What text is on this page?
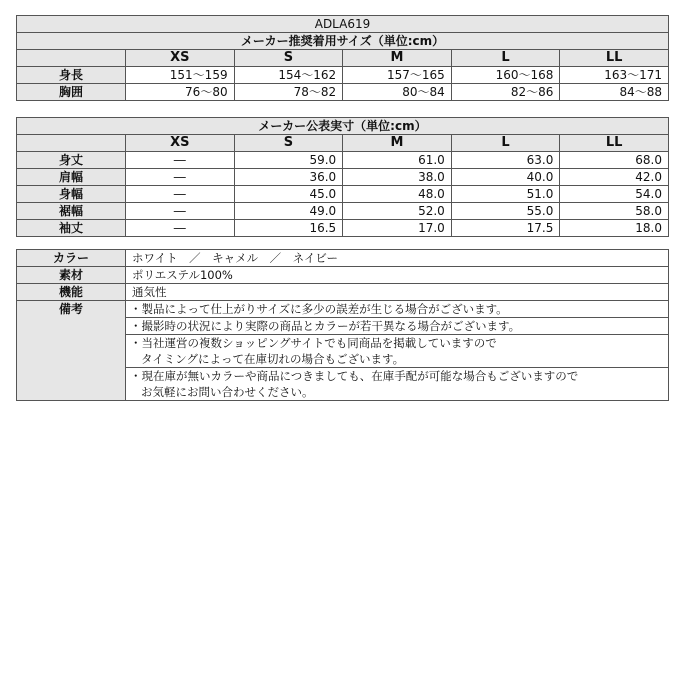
ADLA619					
メーカー推奨着用サイズ（単位:cm）					
	XS	S	M	L	LL
身長	151〜159	154〜162	157〜165	160〜168	163〜171
胸囲	76〜80	78〜82	80〜84	82〜86	84〜88
メーカー公表実寸（単位:cm）					
	XS	S	M	L	LL
身丈	―	59.0	61.0	63.0	68.0
肩幅	―	36.0	38.0	40.0	42.0
身幅	―	45.0	48.0	51.0	54.0
裾幅	―	49.0	52.0	55.0	58.0
袖丈	―	16.5	17.0	17.5	18.0
カラー	ホワイト　／　キャメル　／　ネイビー
素材	ポリエステル100%
機能	通気性
備考	・製品によって仕上がりサイズに多少の誤差が生じる場合がございます。

	・撮影時の状況により実際の商品とカラーが若干異なる場合がございます。

	・当社運営の複数ショッピングサイトでも同商品を掲載していますので
タイミングによって在庫切れの場合もございます。

	・現在庫が無いカラーや商品につきましても、在庫手配が可能な場合もございますので
お気軽にお問い合わせください。
